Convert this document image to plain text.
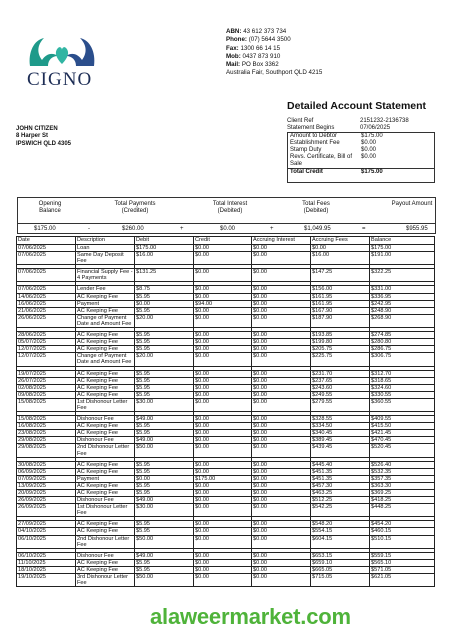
CIGNO
ABN: 43 612 373 734
Phone: (07) 5644 3500
Fax: 1300 66 14 15
Mob: 0437 873 910
Mail: PO Box 3362
Australia Fair, Southport QLD 4215
JOHN CITIZEN
8 Harper St
IPSWICH QLD 4305
Detailed Account Statement
Client Ref	2151232-2136738
Statement Begins	07/06/2025
Amount to Debtor	$175.00
Establishment Fee	$0.00
Stamp Duty	$0.00
Revs. Certificate, Bill of Sale
$0.00
Total Credit	$175.00
Opening Balance
Total Payments (Credited)
Total Interest (Debited)
Total Fees (Debited)
Payout Amount
$175.00	-	$260.00	+	$0.00	+	$1,049.95	=	$955.95
Date	Description	Debit	Credit	Accruing Interest	Accruing Fees	Balance
07/06/2025	Loan	$175.00	$0.00	$0.00	$0.00	$175.00
07/06/2025	Same Day Deposit Fee	$16.00	$0.00	$0.00	$16.00	$191.00

07/06/2025	Financial Supply Fee - 4 Payments	$131.25	$0.00	$0.00	$147.25	$322.25

07/06/2025	Lender Fee	$8.75	$0.00	$0.00	$156.00	$331.00
14/06/2025	AC Keeping Fee	$5.95	$0.00	$0.00	$161.95	$336.95
16/06/2025	Payment	$0.00	$94.00	$0.00	$161.95	$242.95
21/06/2025	AC Keeping Fee	$5.95	$0.00	$0.00	$167.90	$248.90
26/06/2025	Change of Payment Date and Amount Fee	$20.00	$0.00	$0.00	$187.90	$268.90

28/06/2025	AC Keeping Fee	$5.95	$0.00	$0.00	$193.85	$274.85
05/07/2025	AC Keeping Fee	$5.95	$0.00	$0.00	$199.80	$280.80
12/07/2025	AC Keeping Fee	$5.95	$0.00	$0.00	$205.75	$286.75
12/07/2025	Change of Payment Date and Amount Fee	$20.00	$0.00	$0.00	$225.75	$306.75

19/07/2025	AC Keeping Fee	$5.95	$0.00	$0.00	$231.70	$312.70
26/07/2025	AC Keeping Fee	$5.95	$0.00	$0.00	$237.65	$318.65
02/08/2025	AC Keeping Fee	$5.95	$0.00	$0.00	$243.60	$324.60
09/08/2025	AC Keeping Fee	$5.95	$0.00	$0.00	$249.55	$330.55
15/08/2025	1st Dishonour Letter Fee	$30.00	$0.00	$0.00	$279.55	$360.55

15/08/2025	Dishonour Fee	$49.00	$0.00	$0.00	$328.55	$409.55
16/08/2025	AC Keeping Fee	$5.95	$0.00	$0.00	$334.50	$415.50
23/08/2025	AC Keeping Fee	$5.95	$0.00	$0.00	$340.45	$421.45
29/08/2025	Dishonour Fee	$49.00	$0.00	$0.00	$389.45	$470.45
29/08/2025	2nd Dishonour Letter Fee	$50.00	$0.00	$0.00	$439.45	$520.45

30/08/2025	AC Keeping Fee	$5.95	$0.00	$0.00	$445.40	$526.40
06/09/2025	AC Keeping Fee	$5.95	$0.00	$0.00	$451.35	$532.35
07/09/2025	Payment	$0.00	$175.00	$0.00	$451.35	$357.35
13/09/2025	AC Keeping Fee	$5.95	$0.00	$0.00	$457.30	$363.30
20/09/2025	AC Keeping Fee	$5.95	$0.00	$0.00	$463.25	$369.25
26/09/2025	Dishonour Fee	$49.00	$0.00	$0.00	$512.25	$418.25
26/09/2025	1st Dishonour Letter Fee	$30.00	$0.00	$0.00	$542.25	$448.25

27/09/2025	AC Keeping Fee	$5.95	$0.00	$0.00	$548.20	$454.20
04/10/2025	AC Keeping Fee	$5.95	$0.00	$0.00	$554.15	$460.15
06/10/2025	2nd Dishonour Letter Fee	$50.00	$0.00	$0.00	$604.15	$510.15

06/10/2025	Dishonour Fee	$49.00	$0.00	$0.00	$653.15	$559.15
11/10/2025	AC Keeping Fee	$5.95	$0.00	$0.00	$659.10	$565.10
18/10/2025	AC Keeping Fee	$5.95	$0.00	$0.00	$665.05	$571.05
19/10/2025	3rd Dishonour Letter Fee	$50.00	$0.00	$0.00	$715.05	$621.05
alaweermarket.com
